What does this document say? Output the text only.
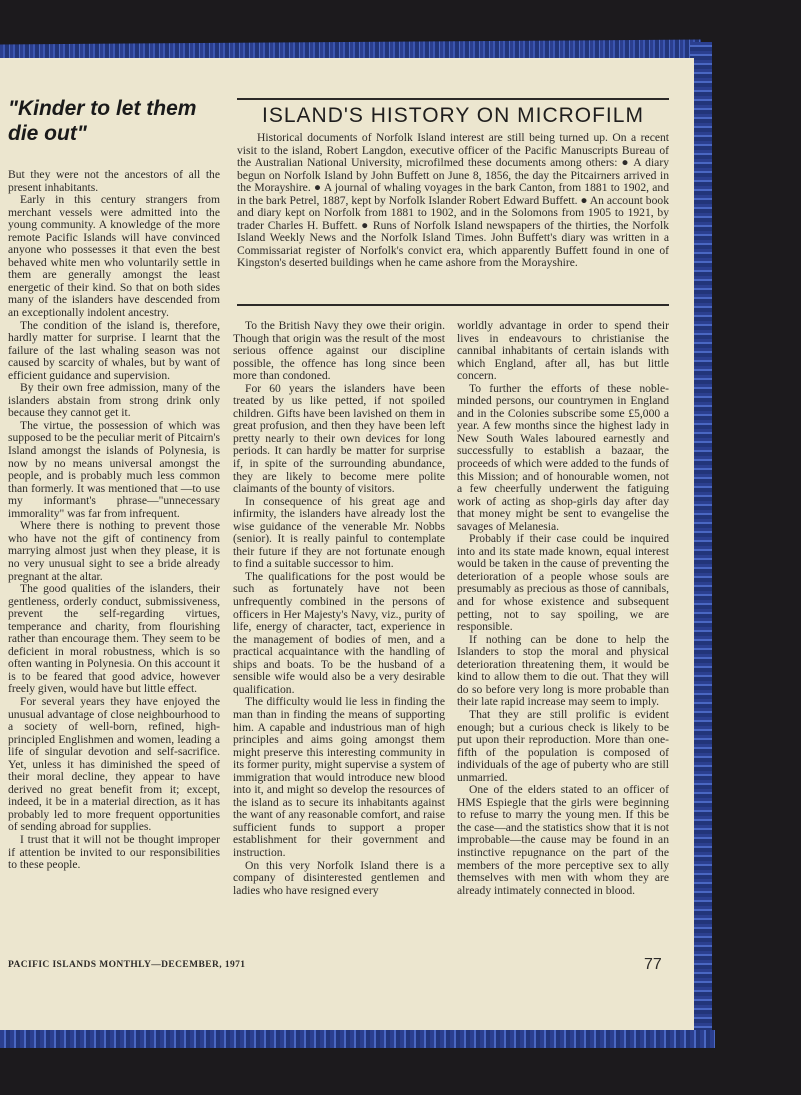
"Kinder to let them die out"

But they were not the ancestors of all the present inhabitants.

Early in this century strangers from merchant vessels were admitted into the young community. A knowledge of the more remote Pacific Islands will have convinced anyone who possesses it that even the best behaved white men who voluntarily settle in them are generally amongst the least energetic of their kind. So that on both sides many of the islanders have descended from an exceptionally indolent ancestry.

The condition of the island is, therefore, hardly matter for surprise. I learnt that the failure of the last whaling season was not caused by scarcity of whales, but by want of efficient guidance and supervision.

By their own free admission, many of the islanders abstain from strong drink only because they cannot get it.

The virtue, the possession of which was supposed to be the peculiar merit of Pitcairn's Island amongst the islands of Polynesia, is now by no means universal amongst the people, and is probably much less common than formerly. It was mentioned that —to use my informant's phrase—"unnecessary immorality" was far from infrequent.

Where there is nothing to prevent those who have not the gift of continency from marrying almost just when they please, it is no very unusual sight to see a bride already pregnant at the altar.

The good qualities of the islanders, their gentleness, orderly conduct, submissiveness, prevent the self-regarding virtues, temperance and charity, from flourishing rather than encourage them. They seem to be deficient in moral robustness, which is so often wanting in Polynesia. On this account it is to be feared that good advice, however freely given, would have but little effect.

For several years they have enjoyed the unusual advantage of close neighbourhood to a society of well-born, refined, high-principled Englishmen and women, leading a life of singular devotion and self-sacrifice. Yet, unless it has diminished the speed of their moral decline, they appear to have derived no great benefit from it; except, indeed, it be in a material direction, as it has probably led to more frequent opportunities of sending abroad for supplies.

I trust that it will not be thought improper if attention be invited to our responsibilities to these people.

ISLAND'S HISTORY ON MICROFILM
Historical documents of Norfolk Island interest are still being turned up. On a recent visit to the island, Robert Langdon, executive officer of the Pacific Manuscripts Bureau of the Australian National University, microfilmed these documents among others: ● A diary begun on Norfolk Island by John Buffett on June 8, 1856, the day the Pitcairners arrived in the Morayshire. ● A journal of whaling voyages in the bark Canton, from 1881 to 1902, and in the bark Petrel, 1887, kept by Norfolk Islander Robert Edward Buffett. ● An account book and diary kept on Norfolk from 1881 to 1902, and in the Solomons from 1905 to 1921, by trader Charles H. Buffett. ● Runs of Norfolk Island newspapers of the thirties, the Norfolk Island Weekly News and the Norfolk Island Times. John Buffett's diary was written in a Commissariat register of Norfolk's convict era, which apparently Buffett found in one of Kingston's deserted buildings when he came ashore from the Morayshire.

To the British Navy they owe their origin. Though that origin was the result of the most serious offence against our discipline possible, the offence has long since been more than condoned.

For 60 years the islanders have been treated by us like petted, if not spoiled children. Gifts have been lavished on them in great profusion, and then they have been left pretty nearly to their own devices for long periods. It can hardly be matter for surprise if, in spite of the surrounding abundance, they are likely to become mere polite claimants of the bounty of visitors.

In consequence of his great age and infirmity, the islanders have already lost the wise guidance of the venerable Mr. Nobbs (senior). It is really painful to contemplate their future if they are not fortunate enough to find a suitable successor to him.

The qualifications for the post would be such as fortunately have not been unfrequently combined in the persons of officers in Her Majesty's Navy, viz., purity of life, energy of character, tact, experience in the management of bodies of men, and a practical acquaintance with the handling of ships and boats. To be the husband of a sensible wife would also be a very desirable qualification.

The difficulty would lie less in finding the man than in finding the means of supporting him. A capable and industrious man of high principles and aims going amongst them might preserve this interesting community in its former purity, might supervise a system of immigration that would introduce new blood into it, and might so develop the resources of the island as to secure its inhabitants against the want of any reasonable comfort, and raise sufficient funds to support a proper establishment for their government and instruction.

On this very Norfolk Island there is a company of disinterested gentlemen and ladies who have resigned every

worldly advantage in order to spend their lives in endeavours to christianise the cannibal inhabitants of certain islands with which England, after all, has but little concern.

To further the efforts of these noble-minded persons, our countrymen in England and in the Colonies subscribe some £5,000 a year. A few months since the highest lady in New South Wales laboured earnestly and successfully to establish a bazaar, the proceeds of which were added to the funds of this Mission; and of honourable women, not a few cheerfully underwent the fatiguing work of acting as shop-girls day after day that money might be sent to evangelise the savages of Melanesia.

Probably if their case could be inquired into and its state made known, equal interest would be taken in the cause of preventing the deterioration of a people whose souls are presumably as precious as those of cannibals, and for whose existence and subsequent petting, not to say spoiling, we are responsible.

If nothing can be done to help the Islanders to stop the moral and physical deterioration threatening them, it would be kind to allow them to die out. That they will do so before very long is more probable than their late rapid increase may seem to imply.

That they are still prolific is evident enough; but a curious check is likely to be put upon their reproduction. More than one-fifth of the population is composed of individuals of the age of puberty who are still unmarried.

One of the elders stated to an officer of HMS Espiegle that the girls were beginning to refuse to marry the young men. If this be the case—and the statistics show that it is not improbable—the cause may be found in an instinctive repugnance on the part of the members of the more perceptive sex to ally themselves with men with whom they are already intimately connected in blood.

PACIFIC ISLANDS MONTHLY—DECEMBER, 1971	77
